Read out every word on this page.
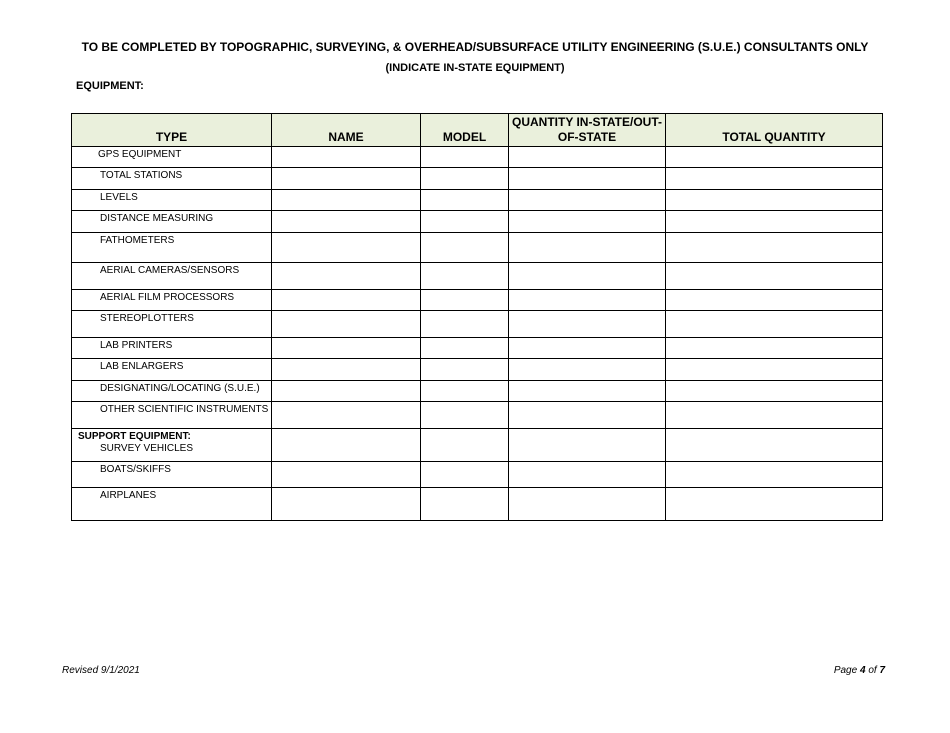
TO BE COMPLETED BY TOPOGRAPHIC, SURVEYING, & OVERHEAD/SUBSURFACE UTILITY ENGINEERING (S.U.E.) CONSULTANTS ONLY
(INDICATE IN-STATE EQUIPMENT)
EQUIPMENT:
TYPE	NAME	MODEL	QUANTITY IN-STATE/OUT-
OF-STATE	TOTAL QUANTITY
GPS EQUIPMENT				
TOTAL STATIONS				
LEVELS				
DISTANCE MEASURING				
FATHOMETERS				
AERIAL CAMERAS/SENSORS				
AERIAL FILM PROCESSORS				
STEREOPLOTTERS				
LAB PRINTERS				
LAB ENLARGERS				
DESIGNATING/LOCATING (S.U.E.)				
OTHER SCIENTIFIC INSTRUMENTS				

SUPPORT EQUIPMENT:
SURVEY VEHICLES				

BOATS/SKIFFS				
AIRPLANES				
Revised 9/1/2021	Page 4 of 7
